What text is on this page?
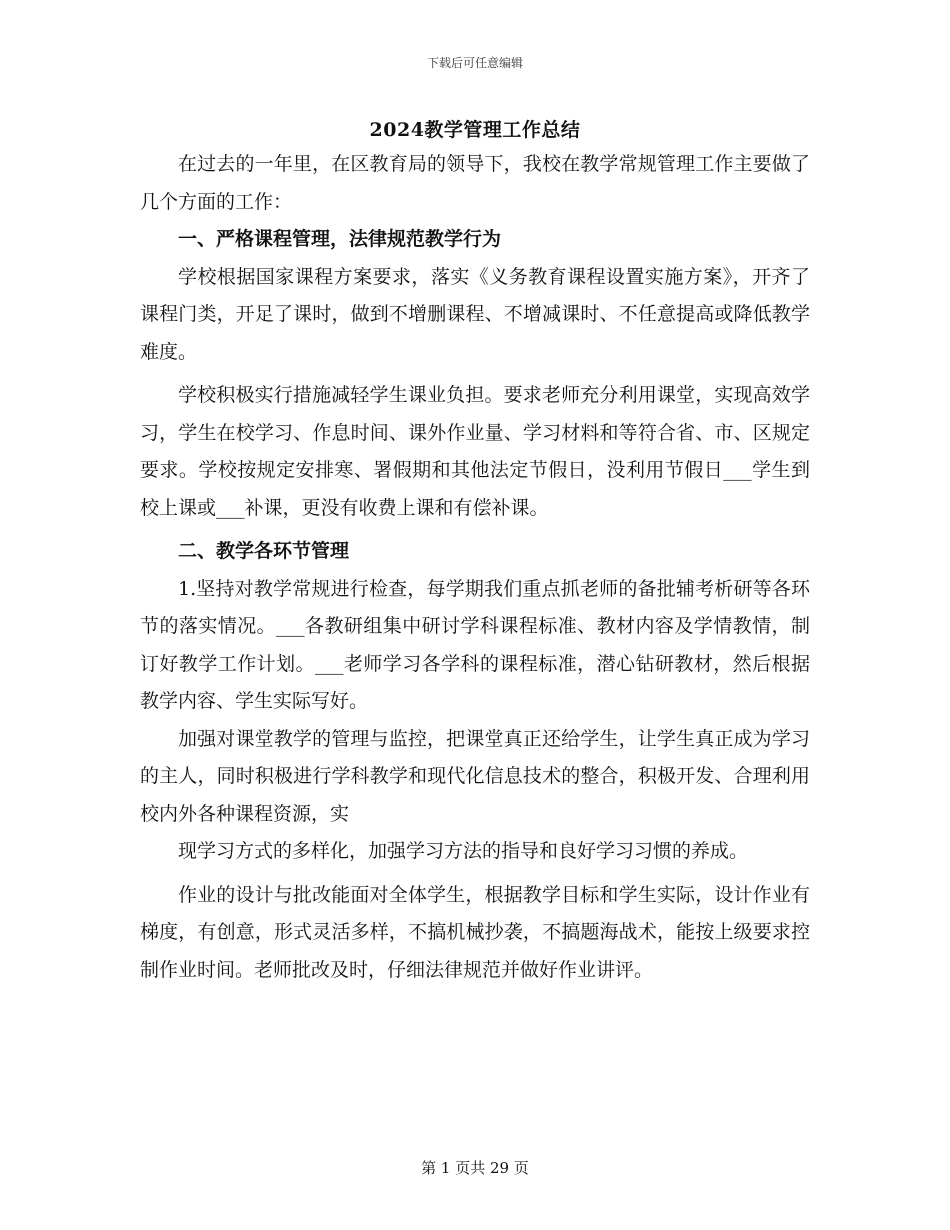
下载后可任意编辑
2024教学管理工作总结

在过去的一年里，在区教育局的领导下，我校在教学常规管理工作主要做了几个方面的工作：

一、严格课程管理，法律规范教学行为

学校根据国家课程方案要求，落实《义务教育课程设置实施方案》，开齐了课程门类，开足了课时，做到不增删课程、不增减课时、不任意提高或降低教学难度。

学校积极实行措施减轻学生课业负担。要求老师充分利用课堂，实现高效学习，学生在校学习、作息时间、课外作业量、学习材料和等符合省、市、区规定要求。学校按规定安排寒、署假期和其他法定节假日，没利用节假日___学生到校上课或___补课，更没有收费上课和有偿补课。

二、教学各环节管理

1.坚持对教学常规进行检查，每学期我们重点抓老师的备批辅考析研等各环节的落实情况。___各教研组集中研讨学科课程标准、教材内容及学情教情，制订好教学工作计划。___老师学习各学科的课程标准，潜心钻研教材，然后根据教学内容、学生实际写好。

加强对课堂教学的管理与监控，把课堂真正还给学生，让学生真正成为学习的主人，同时积极进行学科教学和现代化信息技术的整合，积极开发、合理利用校内外各种课程资源，实

现学习方式的多样化，加强学习方法的指导和良好学习习惯的养成。

作业的设计与批改能面对全体学生，根据教学目标和学生实际，设计作业有梯度，有创意，形式灵活多样，不搞机械抄袭，不搞题海战术，能按上级要求控制作业时间。老师批改及时，仔细法律规范并做好作业讲评。

第 1 页共 29 页
